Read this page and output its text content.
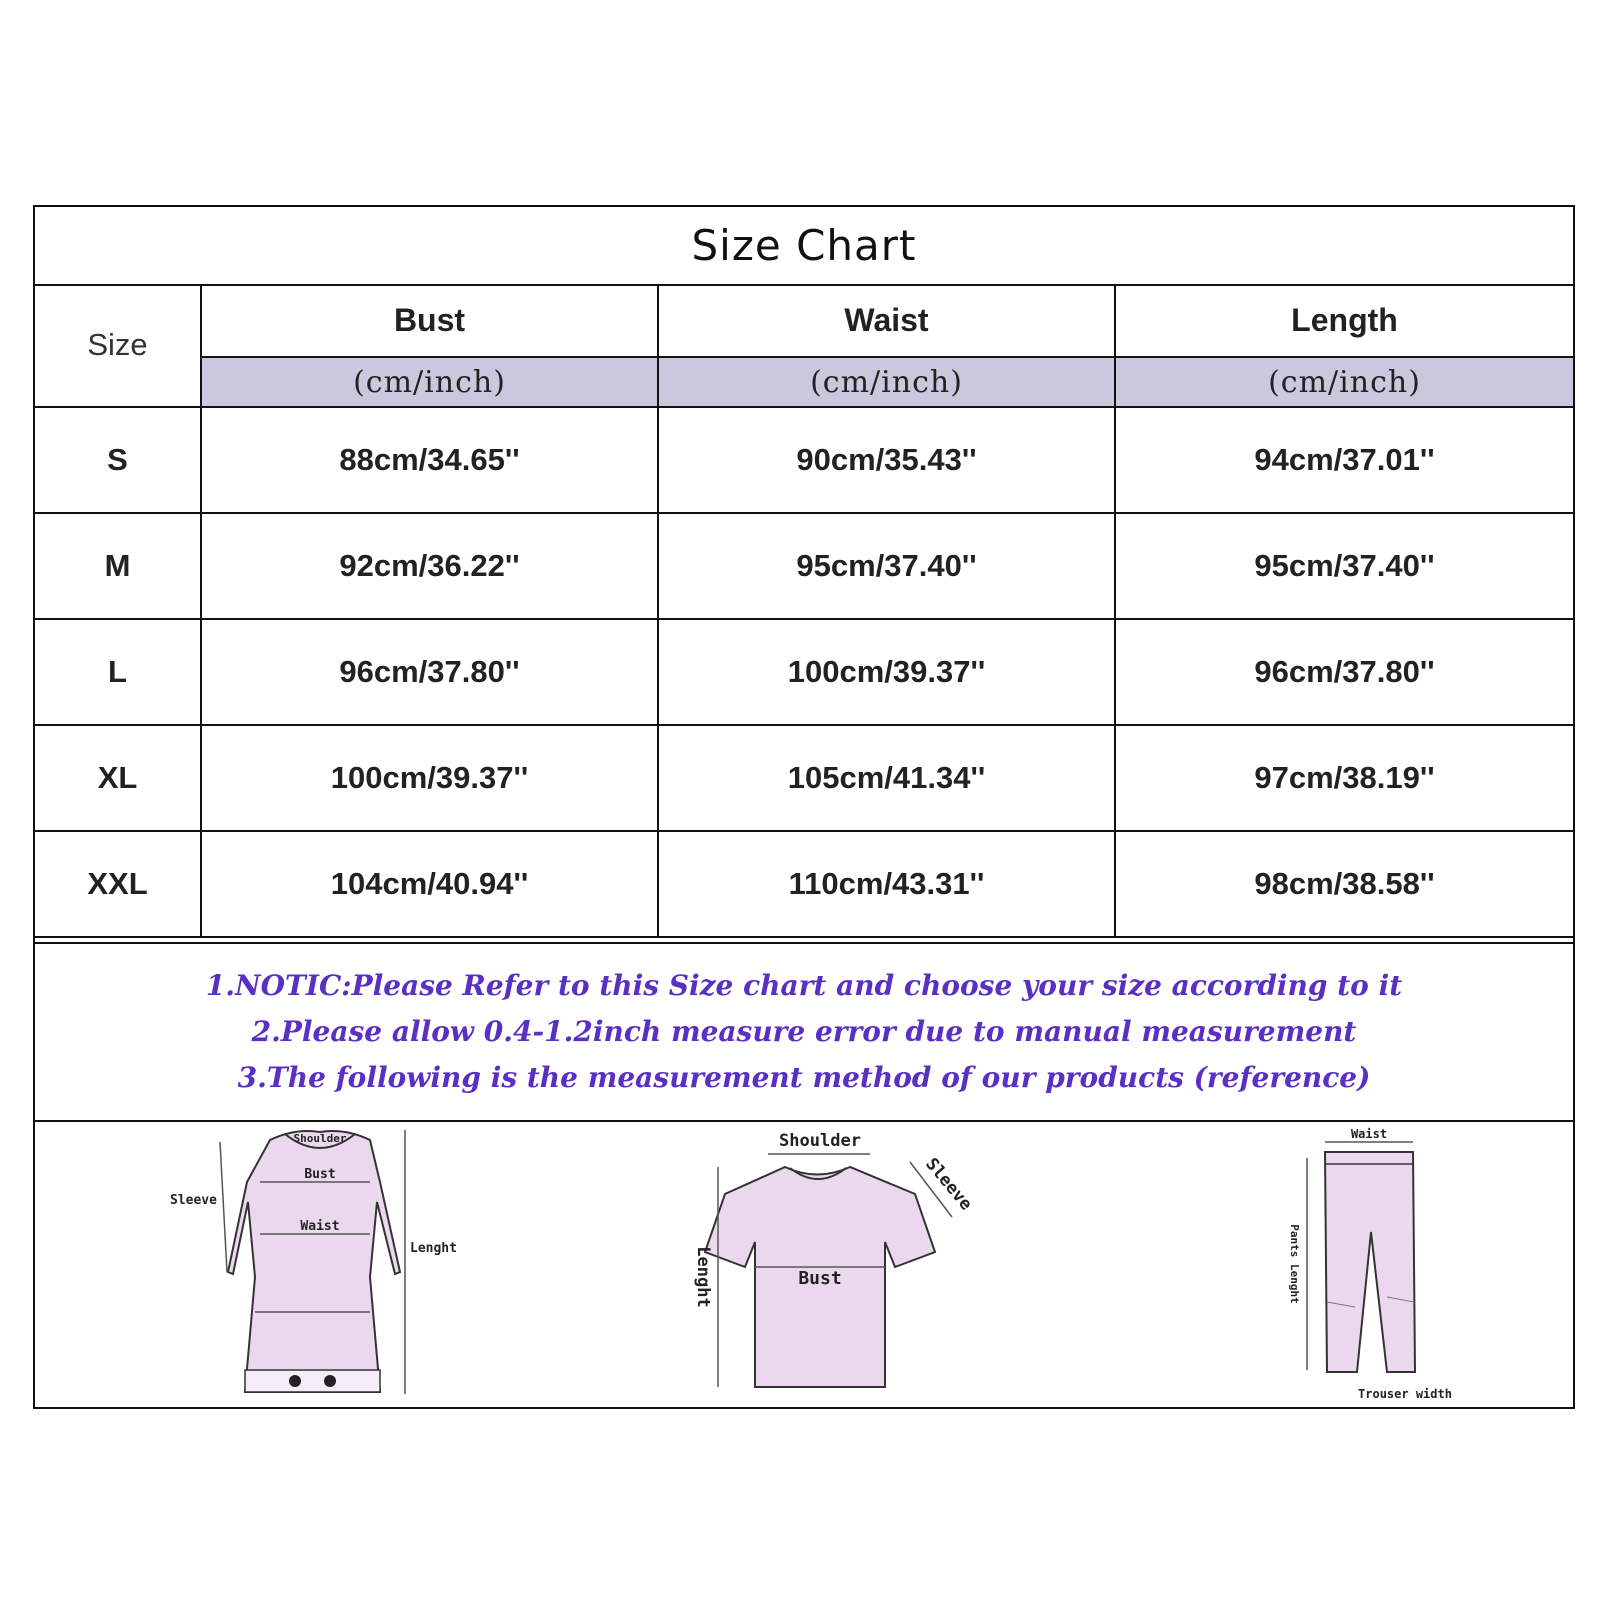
Size Chart
Size	Bust	Waist	Length
	(cm/inch)	(cm/inch)	(cm/inch)
S	88cm/34.65''	90cm/35.43''	94cm/37.01''
M	92cm/36.22''	95cm/37.40''	95cm/37.40''
L	96cm/37.80''	100cm/39.37''	96cm/37.80''
XL	100cm/39.37''	105cm/41.34''	97cm/38.19''
XXL	104cm/40.94''	110cm/43.31''	98cm/38.58''
1.NOTIC:Please Refer to this Size chart and choose your size according to it
2.Please allow 0.4-1.2inch measure error due to manual measurement
3.The following is the measurement method of our products (reference)
Shoulder
Bust
Waist
Sleeve
Lenght
Shoulder
Sleeve
Bust
Lenght
Waist
Pants Lenght
Trouser width
